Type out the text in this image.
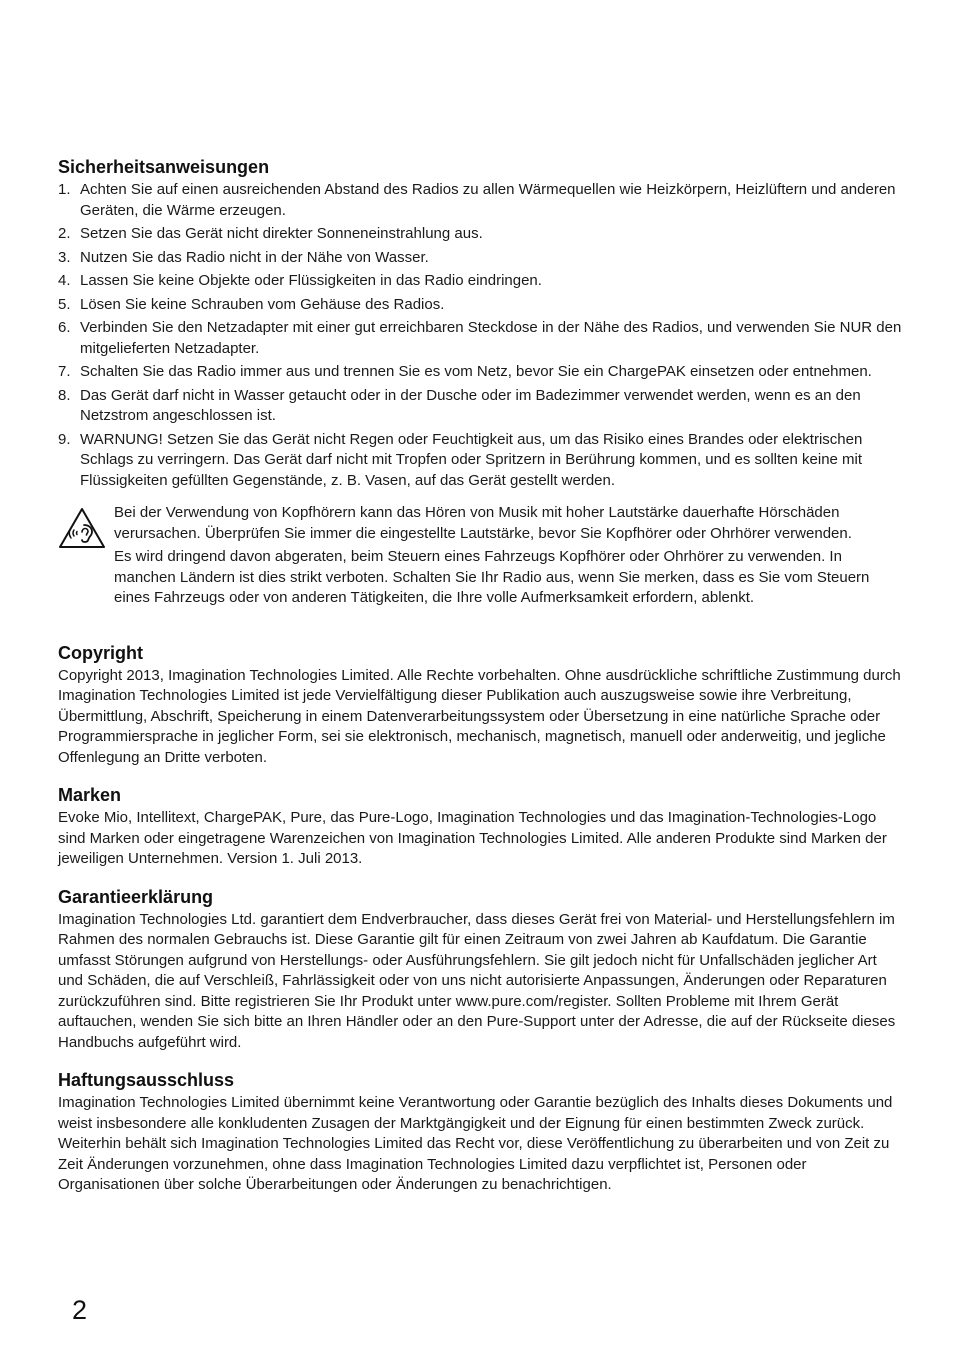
Sicherheitsanweisungen
1. Achten Sie auf einen ausreichenden Abstand des Radios zu allen Wärmequellen wie Heizkörpern, Heizlüftern und anderen Geräten, die Wärme erzeugen.
2. Setzen Sie das Gerät nicht direkter Sonneneinstrahlung aus.
3. Nutzen Sie das Radio nicht in der Nähe von Wasser.
4. Lassen Sie keine Objekte oder Flüssigkeiten in das Radio eindringen.
5. Lösen Sie keine Schrauben vom Gehäuse des Radios.
6. Verbinden Sie den Netzadapter mit einer gut erreichbaren Steckdose in der Nähe des Radios, und verwenden Sie NUR den mitgelieferten Netzadapter.
7. Schalten Sie das Radio immer aus und trennen Sie es vom Netz, bevor Sie ein ChargePAK einsetzen oder entnehmen.
8. Das Gerät darf nicht in Wasser getaucht oder in der Dusche oder im Badezimmer verwendet werden, wenn es an den Netzstrom angeschlossen ist.
9. WARNUNG! Setzen Sie das Gerät nicht Regen oder Feuchtigkeit aus, um das Risiko eines Brandes oder elektrischen Schlags zu verringern. Das Gerät darf nicht mit Tropfen oder Spritzern in Berührung kommen, und es sollten keine mit Flüssigkeiten gefüllten Gegenstände, z. B. Vasen, auf das Gerät gestellt werden.

Bei der Verwendung von Kopfhörern kann das Hören von Musik mit hoher Lautstärke dauerhafte Hörschäden verursachen. Überprüfen Sie immer die eingestellte Lautstärke, bevor Sie Kopfhörer oder Ohrhörer verwenden.

Es wird dringend davon abgeraten, beim Steuern eines Fahrzeugs Kopfhörer oder Ohrhörer zu verwenden. In manchen Ländern ist dies strikt verboten. Schalten Sie Ihr Radio aus, wenn Sie merken, dass es Sie vom Steuern eines Fahrzeugs oder von anderen Tätigkeiten, die Ihre volle Aufmerksamkeit erfordern, ablenkt.

Copyright

Copyright 2013, Imagination Technologies Limited. Alle Rechte vorbehalten. Ohne ausdrückliche schriftliche Zustimmung durch Imagination Technologies Limited ist jede Vervielfältigung dieser Publikation auch auszugsweise sowie ihre Verbreitung, Übermittlung, Abschrift, Speicherung in einem Datenverarbeitungssystem oder Übersetzung in eine natürliche Sprache oder Programmiersprache in jeglicher Form, sei sie elektronisch, mechanisch, magnetisch, manuell oder anderweitig, und jegliche Offenlegung an Dritte verboten.

Marken

Evoke Mio, Intellitext, ChargePAK, Pure, das Pure-Logo, Imagination Technologies und das Imagination-Technologies-Logo sind Marken oder eingetragene Warenzeichen von Imagination Technologies Limited. Alle anderen Produkte sind Marken der jeweiligen Unternehmen. Version 1. Juli 2013.

Garantieerklärung

Imagination Technologies Ltd. garantiert dem Endverbraucher, dass dieses Gerät frei von Material- und Herstellungsfehlern im Rahmen des normalen Gebrauchs ist. Diese Garantie gilt für einen Zeitraum von zwei Jahren ab Kaufdatum. Die Garantie umfasst Störungen aufgrund von Herstellungs- oder Ausführungsfehlern. Sie gilt jedoch nicht für Unfallschäden jeglicher Art und Schäden, die auf Verschleiß, Fahrlässigkeit oder von uns nicht autorisierte Anpassungen, Änderungen oder Reparaturen zurückzuführen sind. Bitte registrieren Sie Ihr Produkt unter www.pure.com/register. Sollten Probleme mit Ihrem Gerät auftauchen, wenden Sie sich bitte an Ihren Händler oder an den Pure-Support unter der Adresse, die auf der Rückseite dieses Handbuchs aufgeführt wird.

Haftungsausschluss

Imagination Technologies Limited übernimmt keine Verantwortung oder Garantie bezüglich des Inhalts dieses Dokuments und weist insbesondere alle konkludenten Zusagen der Marktgängigkeit und der Eignung für einen bestimmten Zweck zurück. Weiterhin behält sich Imagination Technologies Limited das Recht vor, diese Veröffentlichung zu überarbeiten und von Zeit zu Zeit Änderungen vorzunehmen, ohne dass Imagination Technologies Limited dazu verpflichtet ist, Personen oder Organisationen über solche Überarbeitungen oder Änderungen zu benachrichtigen.

2
